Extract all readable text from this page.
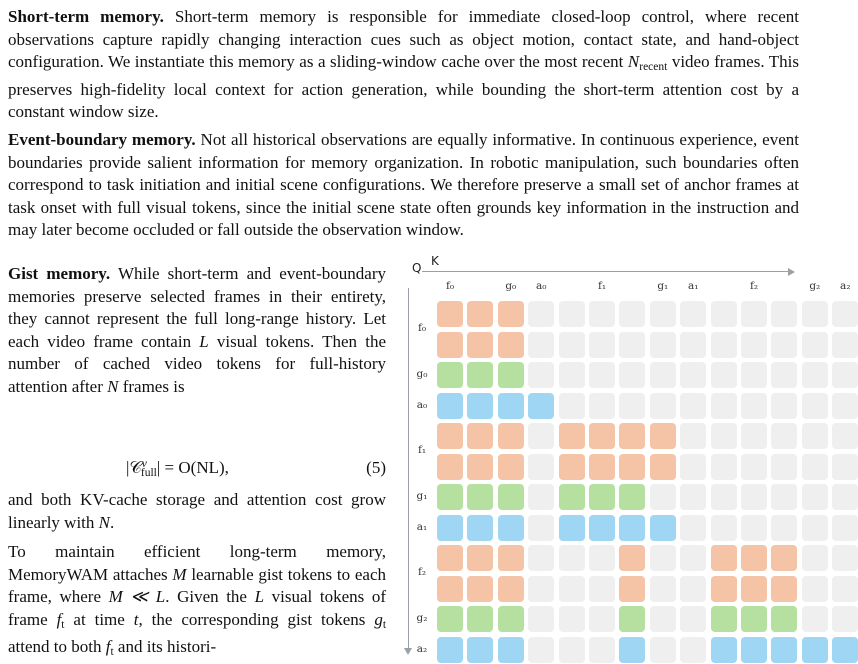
Short-term memory. Short-term memory is responsible for immediate closed-loop control, where recent observations capture rapidly changing interaction cues such as object motion, contact state, and hand-object configuration. We instantiate this memory as a sliding-window cache over the most recent $N_{recent}$ video frames. This preserves high-fidelity local context for action generation, while bounding the short-term attention cost by a constant window size.

Event-boundary memory. Not all historical observations are equally informative. In continuous experience, event boundaries provide salient information for memory organization. In robotic manipulation, such boundaries often correspond to task initiation and initial scene configurations. We therefore preserve a small set of anchor frames at task onset with full visual tokens, since the initial scene state often grounds key information in the instruction and may later become occluded or fall outside the observation window.

Gist memory. While short-term and event-boundary memories preserve selected frames in their entirety, they cannot represent the full long-range history. Let each video frame contain L visual tokens. Then the number of cached video tokens for full-history attention after N frames is

|𝒞$^v_{full}$| = O(NL),	(5)

and both KV-cache storage and attention cost grow linearly with N.

To maintain efficient long-term memory, MemoryWAM attaches M learnable gist tokens to each frame, where M ≪ L. Given the L visual tokens of frame $f_t$ at time t, the corresponding gist tokens $g_t$ attend to both $f_t$ and its histori-

K
Q
f₀	g₀	a₀	f₁	g₁	a₁	f₂	g₂	a₂
f₀
g₀
a₀
f₁
g₁
a₁
f₂
g₂
a₂
